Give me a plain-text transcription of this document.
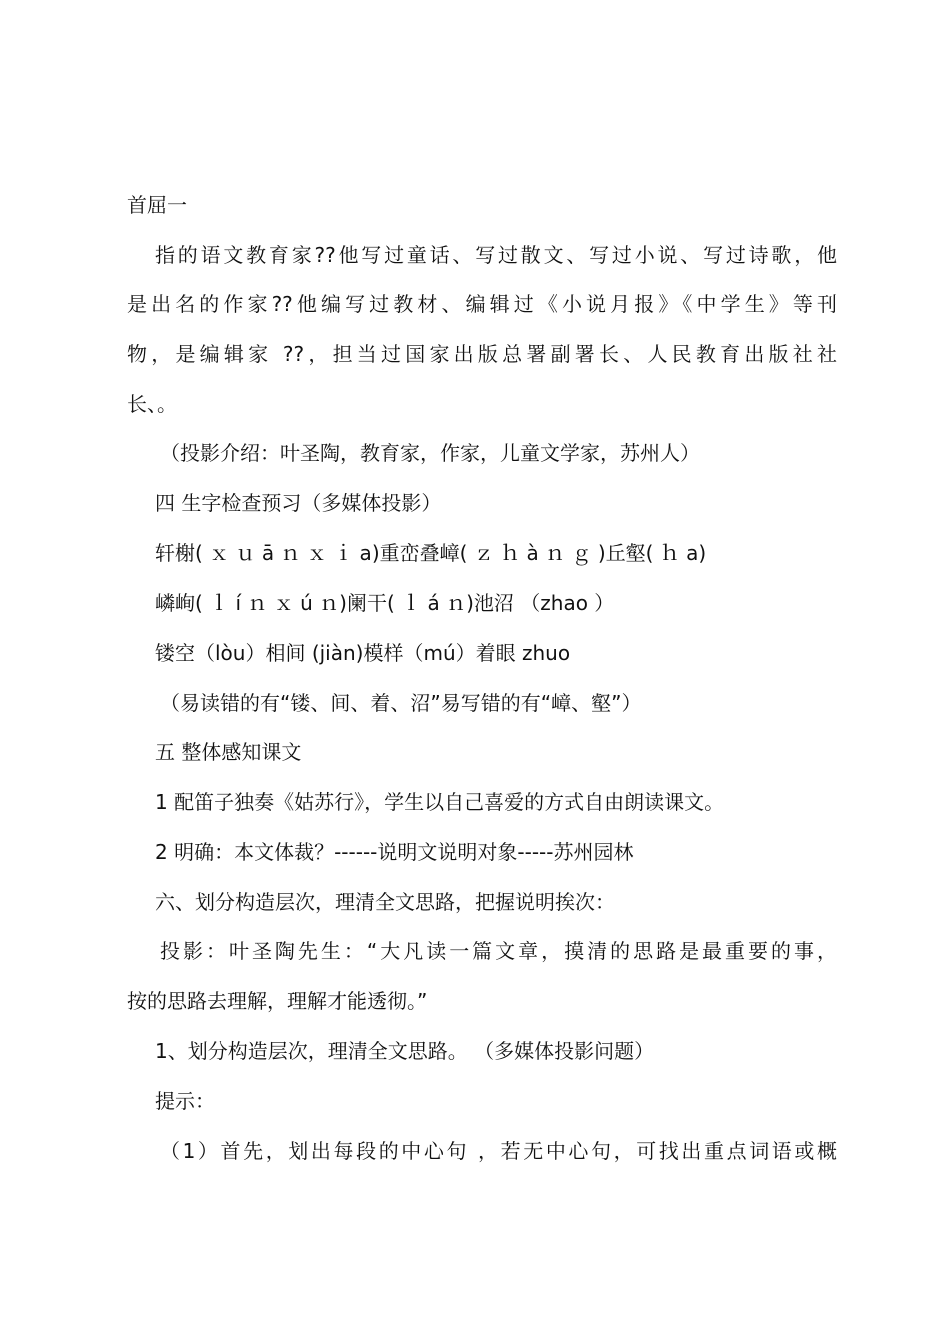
首屈一
指的语文教育家??他写过童话、写过散文、写过小说、写过诗歌，他
是出名的作家??他编写过教材、编辑过《小说月报》《中学生》等刊
物，是编辑家 ??，担当过国家出版总署副署长、人民教育出版社社
长、。
（投影介绍：叶圣陶，教育家，作家，儿童文学家，苏州人）
四 生字检查预习（多媒体投影）
轩榭( ｘ ｕ ā ｎ ｘ ｉ a)重峦叠嶂( ｚ ｈ à ｎ ｇ )丘壑( ｈ a)
嶙峋( ｌ í ｎ ｘ ú ｎ)阑干( ｌ á ｎ)池沼 （zhao ）
镂空（lòu）相间 (jiàn)模样（mú）着眼 zhuo
（易读错的有“镂、间、着、沼”易写错的有“嶂、壑”）
五 整体感知课文
1 配笛子独奏《姑苏行》，学生以自己喜爱的方式自由朗读课文。
2 明确：本文体裁？------说明文说明对象-----苏州园林
六、划分构造层次，理清全文思路，把握说明挨次：
投影：叶圣陶先生：“大凡读一篇文章，摸清的思路是最重要的事，
按的思路去理解，理解才能透彻。”
1、划分构造层次，理清全文思路。 （多媒体投影问题）
提示：
（1）首先，划出每段的中心句 ，若无中心句，可找出重点词语或概
